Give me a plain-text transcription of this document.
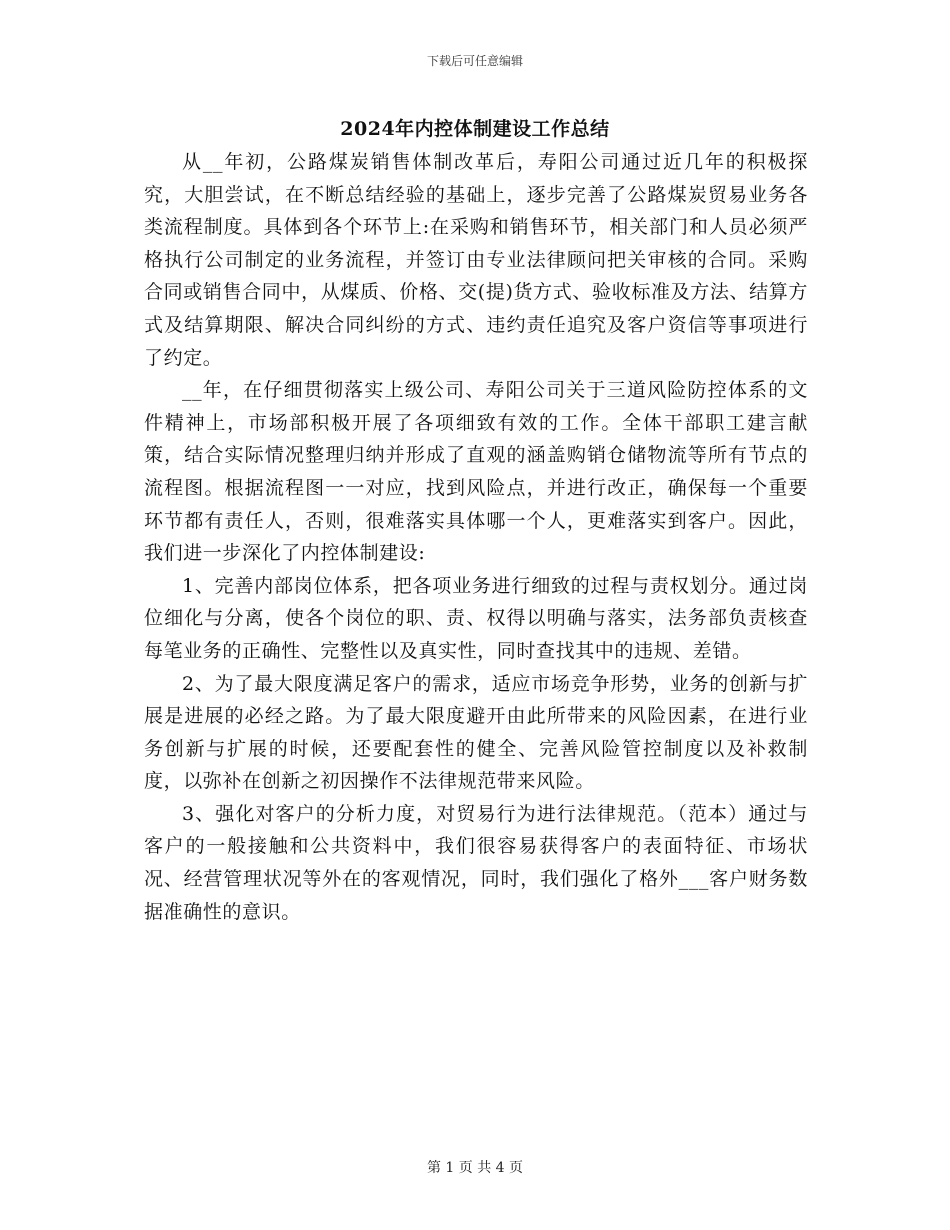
下载后可任意编辑
2024年内控体制建设工作总结

从__年初，公路煤炭销售体制改革后，寿阳公司通过近几年的积极探究，大胆尝试，在不断总结经验的基础上，逐步完善了公路煤炭贸易业务各类流程制度。具体到各个环节上:在采购和销售环节，相关部门和人员必须严格执行公司制定的业务流程，并签订由专业法律顾问把关审核的合同。采购合同或销售合同中，从煤质、价格、交(提)货方式、验收标准及方法、结算方式及结算期限、解决合同纠纷的方式、违约责任追究及客户资信等事项进行了约定。

__年，在仔细贯彻落实上级公司、寿阳公司关于三道风险防控体系的文件精神上，市场部积极开展了各项细致有效的工作。全体干部职工建言献策，结合实际情况整理归纳并形成了直观的涵盖购销仓储物流等所有节点的流程图。根据流程图一一对应，找到风险点，并进行改正，确保每一个重要环节都有责任人，否则，很难落实具体哪一个人，更难落实到客户。因此，我们进一步深化了内控体制建设:

1、完善内部岗位体系，把各项业务进行细致的过程与责权划分。通过岗位细化与分离，使各个岗位的职、责、权得以明确与落实，法务部负责核查每笔业务的正确性、完整性以及真实性，同时查找其中的违规、差错。

2、为了最大限度满足客户的需求，适应市场竞争形势，业务的创新与扩展是进展的必经之路。为了最大限度避开由此所带来的风险因素，在进行业务创新与扩展的时候，还要配套性的健全、完善风险管控制度以及补救制度，以弥补在创新之初因操作不法律规范带来风险。

3、强化对客户的分析力度，对贸易行为进行法律规范。（范本）通过与客户的一般接触和公共资料中，我们很容易获得客户的表面特征、市场状况、经营管理状况等外在的客观情况，同时，我们强化了格外___客户财务数据准确性的意识。

第 1 页 共 4 页
